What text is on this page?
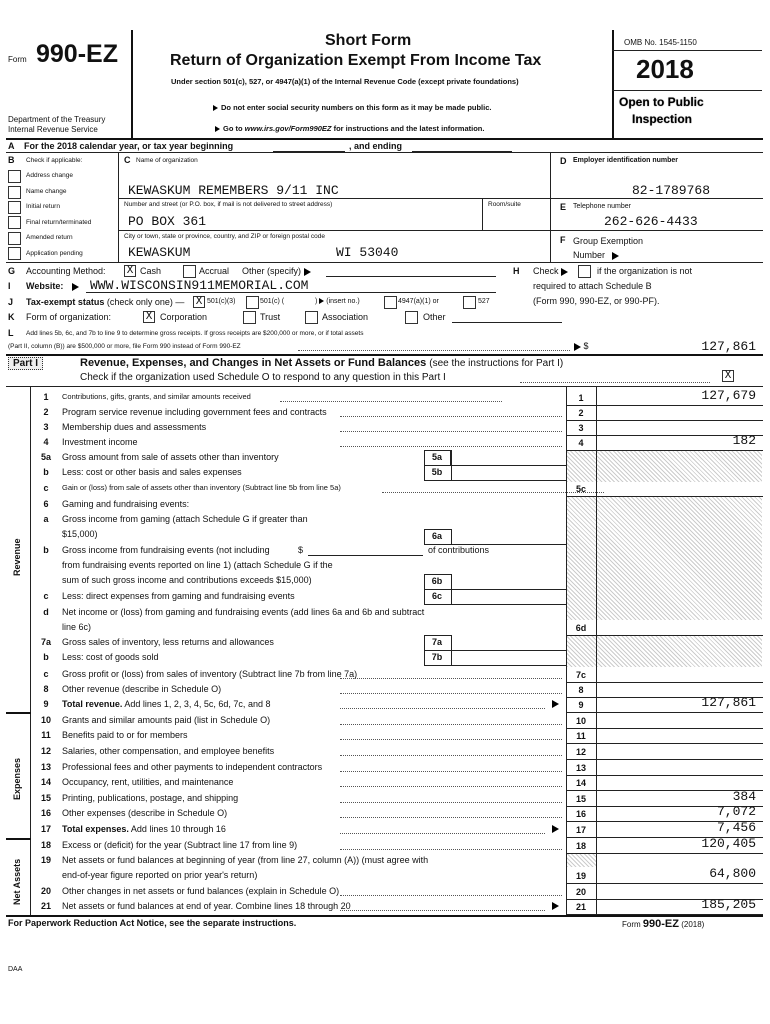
Form 990-EZ
Department of the Treasury
Internal Revenue Service
Short Form
Return of Organization Exempt From Income Tax
Under section 501(c), 527, or 4947(a)(1) of the Internal Revenue Code (except private foundations)
Do not enter social security numbers on this form as it may be made public.
Go to www.irs.gov/Form990EZ for instructions and the latest information.
OMB No. 1545-1150
2018
Open to Public
Inspection
A For the 2018 calendar year, or tax year beginning	, and ending
B Check if applicable:
Address change
Name change
Initial return
Final return/terminated
Amended return
Application pending
C Name of organization
KEWASKUM REMEMBERS 9/11 INC
Number and street (or P.O. box, if mail is not delivered to street address)	Room/suite
PO BOX 361
City or town, state or province, country, and ZIP or foreign postal code
KEWASKUM	WI 53040
D Employer identification number
82-1789768
E Telephone number
262-626-4433
F Group Exemption
Number
G Accounting Method: X Cash	Accrual Other (specify)	H Check	if the organization is not
required to attach Schedule B
(Form 990, 990-EZ, or 990-PF).
I Website:	WWW.WISCONSIN911MEMORIAL.COM
J Tax-exempt status (check only one) — X 501(c)(3)	501(c) (	) (insert no.)	4947(a)(1) or	527
K Form of organization:	X Corporation	Trust	Association	Other
L Add lines 5b, 6c, and 7b to line 9 to determine gross receipts. If gross receipts are $200,000 or more, or if total assets
(Part II, column (B)) are $500,000 or more, file Form 990 instead of Form 990-EZ	$	127,861
Part I	Revenue, Expenses, and Changes in Net Assets or Fund Balances (see the instructions for Part I)
Check if the organization used Schedule O to respond to any question in this Part I	X
Revenue
Expenses
Net Assets
1	Contributions, gifts, grants, and similar amounts received	1	127,679
2	Program service revenue including government fees and contracts	2
3	Membership dues and assessments	3
4	Investment income	4	182
5a	Gross amount from sale of assets other than inventory	5a
b	Less: cost or other basis and sales expenses	5b
c	Gain or (loss) from sale of assets other than inventory (Subtract line 5b from line 5a)	5c
6	Gaming and fundraising events:
a	Gross income from gaming (attach Schedule G if greater than
$15,000)	6a
b	Gross income from fundraising events (not including
from fundraising events reported on line 1) (attach Schedule G if the
sum of such gross income and contributions exceeds $15,000)
$	of contributions
6b
c	Less: direct expenses from gaming and fundraising events	6c
d	Net income or (loss) from gaming and fundraising events (add lines 6a and 6b and subtract
line 6c)	6d
7a	Gross sales of inventory, less returns and allowances	7a
b	Less: cost of goods sold	7b
c	Gross profit or (loss) from sales of inventory (Subtract line 7b from line 7a)	7c
8	Other revenue (describe in Schedule O)	8
9	Total revenue. Add lines 1, 2, 3, 4, 5c, 6d, 7c, and 8	9	127,861
10	Grants and similar amounts paid (list in Schedule O)	10
11	Benefits paid to or for members	11
12	Salaries, other compensation, and employee benefits	12
13	Professional fees and other payments to independent contractors	13
14	Occupancy, rent, utilities, and maintenance	14
15	Printing, publications, postage, and shipping	15	384
16	Other expenses (describe in Schedule O)	16	7,072
17	Total expenses. Add lines 10 through 16	17	7,456
18	Excess or (deficit) for the year (Subtract line 17 from line 9)	18	120,405
19	Net assets or fund balances at beginning of year (from line 27, column (A)) (must agree with
end-of-year figure reported on prior year's return)	19	64,800
20	Other changes in net assets or fund balances (explain in Schedule O)	20
21	Net assets or fund balances at end of year. Combine lines 18 through 20	21	185,205
For Paperwork Reduction Act Notice, see the separate instructions.	Form 990-EZ (2018)
DAA
